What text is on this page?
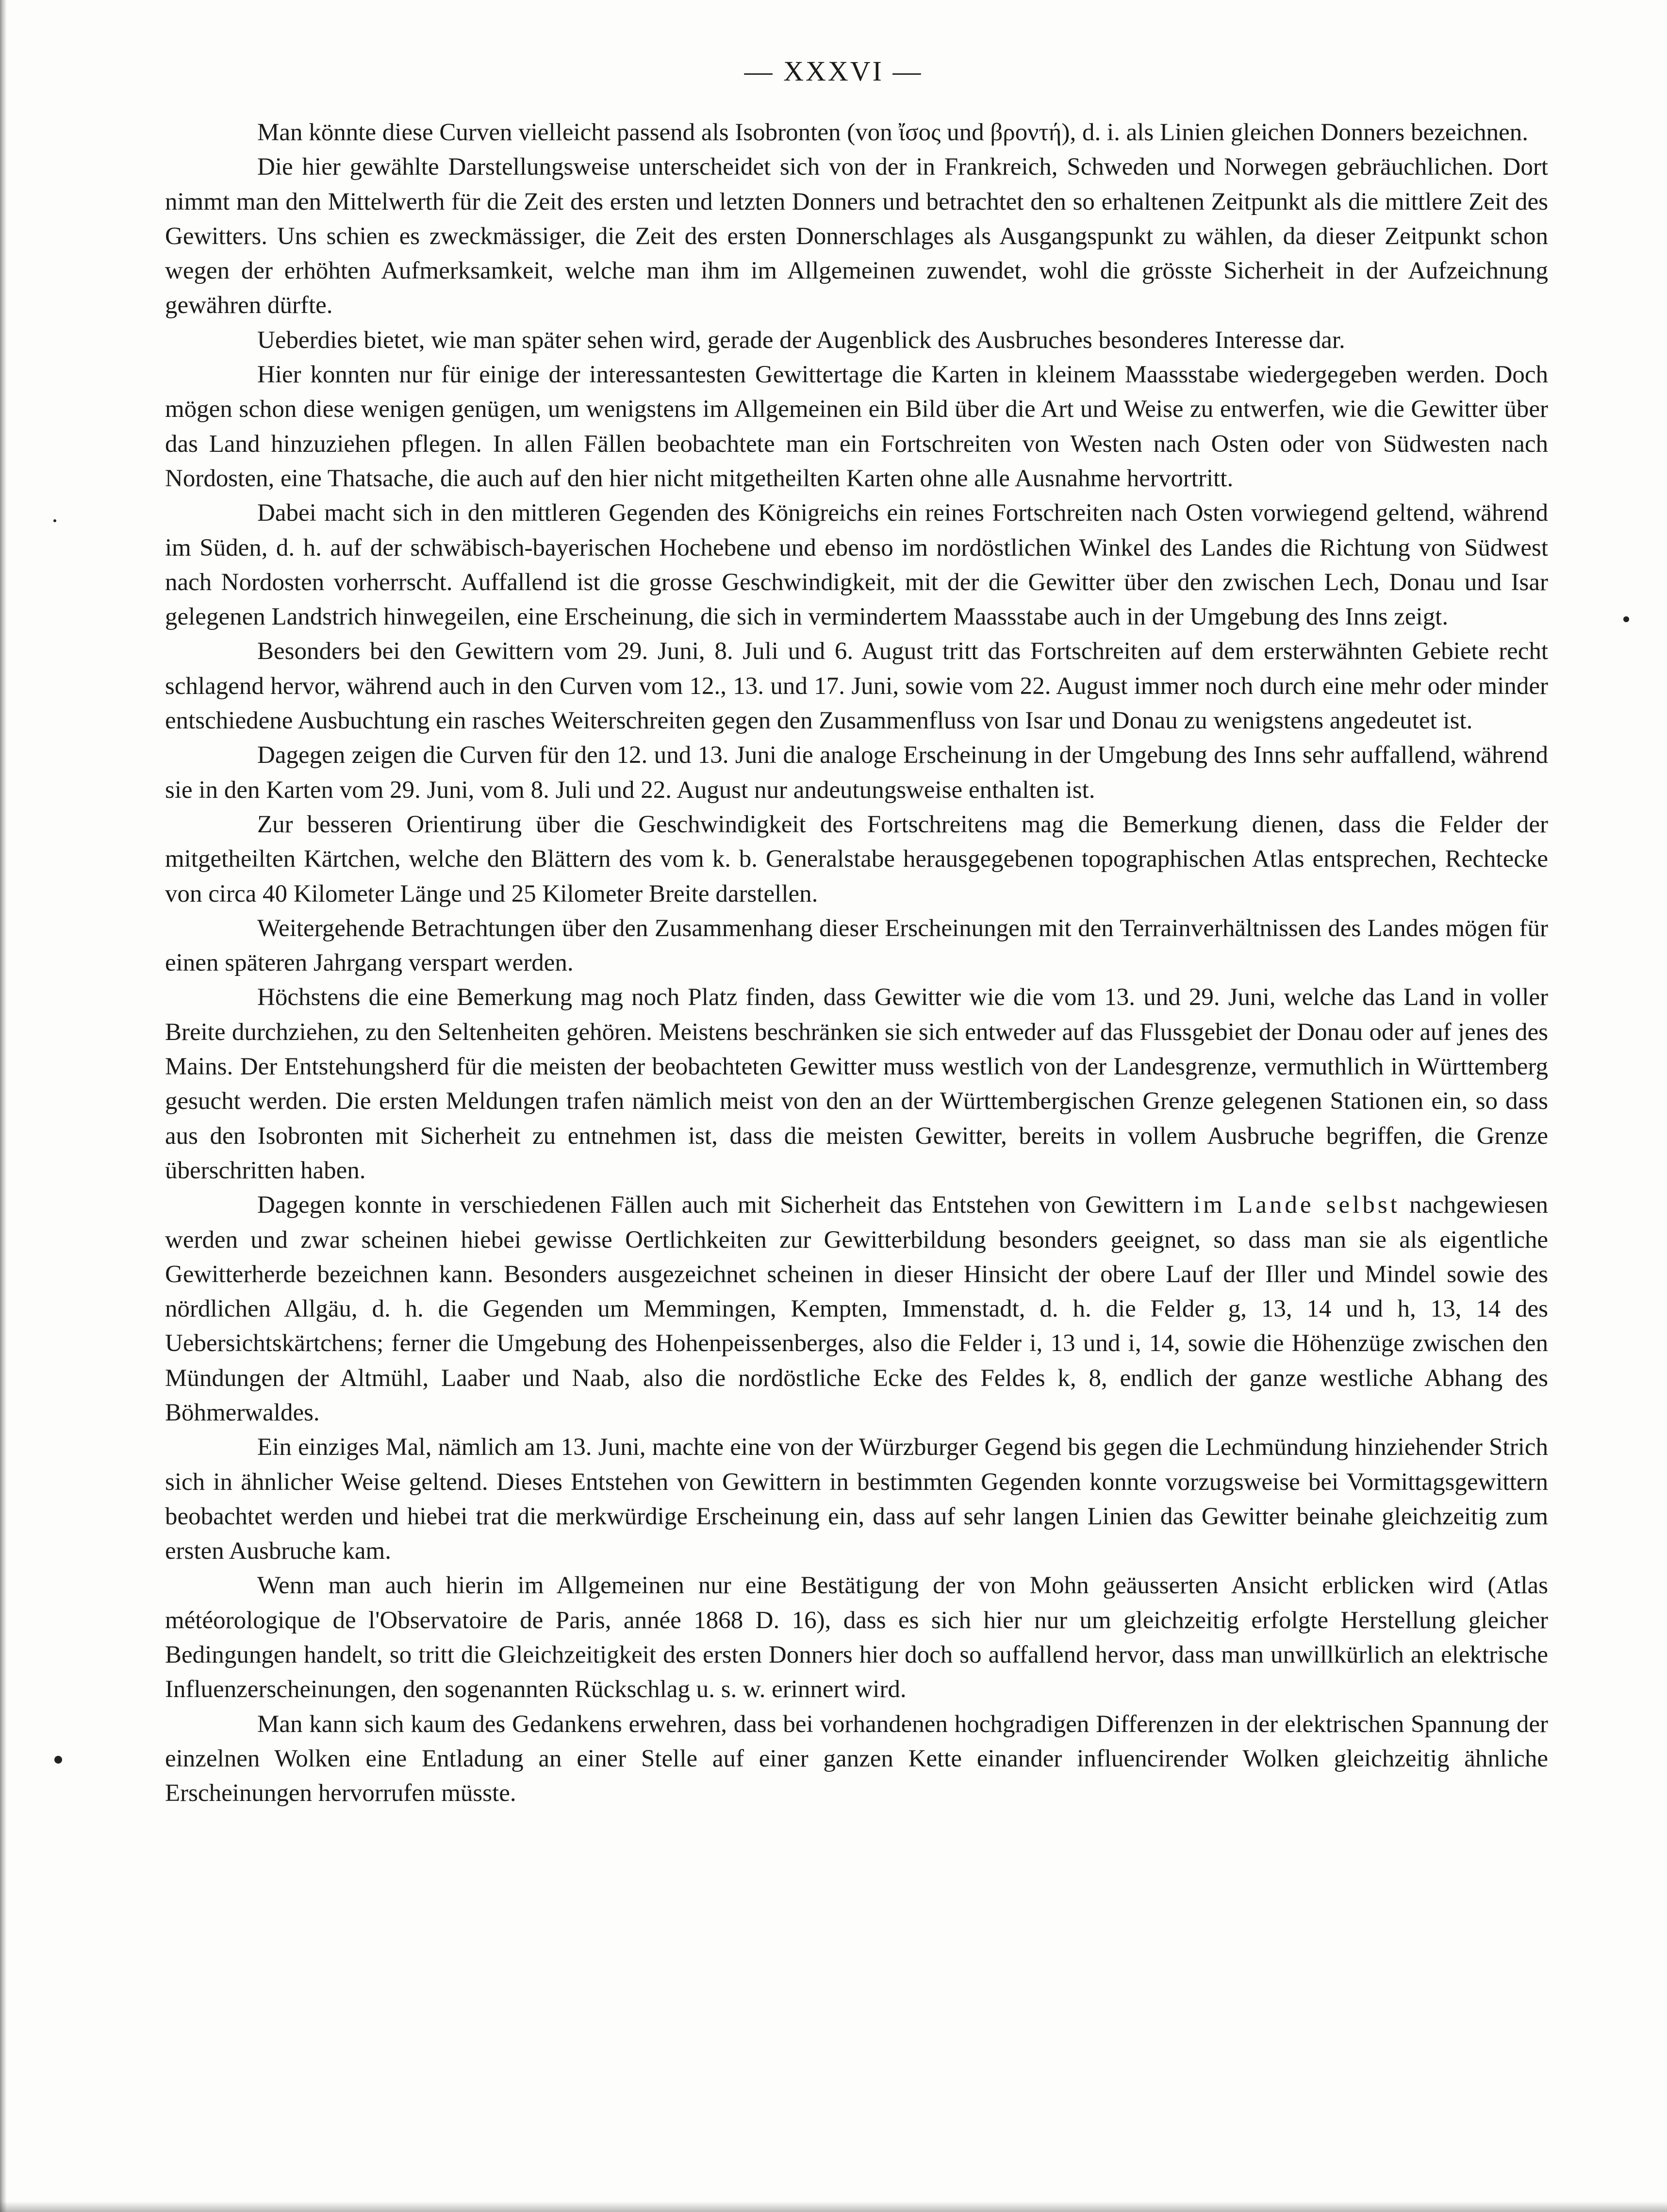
— XXXVI —

Man könnte diese Curven vielleicht passend als Isobronten (von ἴσος und βροντή), d. i. als Linien gleichen Donners bezeichnen.

Die hier gewählte Darstellungsweise unterscheidet sich von der in Frankreich, Schweden und Norwegen gebräuchlichen. Dort nimmt man den Mittelwerth für die Zeit des ersten und letzten Donners und betrachtet den so erhaltenen Zeitpunkt als die mittlere Zeit des Gewitters. Uns schien es zweckmässiger, die Zeit des ersten Donnerschlages als Ausgangspunkt zu wählen, da dieser Zeitpunkt schon wegen der erhöhten Aufmerksamkeit, welche man ihm im Allgemeinen zuwendet, wohl die grösste Sicherheit in der Aufzeichnung gewähren dürfte.

Ueberdies bietet, wie man später sehen wird, gerade der Augenblick des Ausbruches besonderes Interesse dar.

Hier konnten nur für einige der interessantesten Gewittertage die Karten in kleinem Maassstabe wiedergegeben werden. Doch mögen schon diese wenigen genügen, um wenigstens im Allgemeinen ein Bild über die Art und Weise zu entwerfen, wie die Gewitter über das Land hinzuziehen pflegen. In allen Fällen beobachtete man ein Fortschreiten von Westen nach Osten oder von Südwesten nach Nordosten, eine Thatsache, die auch auf den hier nicht mitgetheilten Karten ohne alle Ausnahme hervortritt.

Dabei macht sich in den mittleren Gegenden des Königreichs ein reines Fortschreiten nach Osten vorwiegend geltend, während im Süden, d. h. auf der schwäbisch-bayerischen Hochebene und ebenso im nordöstlichen Winkel des Landes die Richtung von Südwest nach Nordosten vorherrscht. Auffallend ist die grosse Geschwindigkeit, mit der die Gewitter über den zwischen Lech, Donau und Isar gelegenen Landstrich hinwegeilen, eine Erscheinung, die sich in vermindertem Maassstabe auch in der Umgebung des Inns zeigt.

Besonders bei den Gewittern vom 29. Juni, 8. Juli und 6. August tritt das Fortschreiten auf dem ersterwähnten Gebiete recht schlagend hervor, während auch in den Curven vom 12., 13. und 17. Juni, sowie vom 22. August immer noch durch eine mehr oder minder entschiedene Ausbuchtung ein rasches Weiterschreiten gegen den Zusammenfluss von Isar und Donau zu wenigstens angedeutet ist.

Dagegen zeigen die Curven für den 12. und 13. Juni die analoge Erscheinung in der Umgebung des Inns sehr auffallend, während sie in den Karten vom 29. Juni, vom 8. Juli und 22. August nur andeutungsweise enthalten ist.

Zur besseren Orientirung über die Geschwindigkeit des Fortschreitens mag die Bemerkung dienen, dass die Felder der mitgetheilten Kärtchen, welche den Blättern des vom k. b. Generalstabe herausgegebenen topographischen Atlas entsprechen, Rechtecke von circa 40 Kilometer Länge und 25 Kilometer Breite darstellen.

Weitergehende Betrachtungen über den Zusammenhang dieser Erscheinungen mit den Terrainverhältnissen des Landes mögen für einen späteren Jahrgang verspart werden.

Höchstens die eine Bemerkung mag noch Platz finden, dass Gewitter wie die vom 13. und 29. Juni, welche das Land in voller Breite durchziehen, zu den Seltenheiten gehören. Meistens beschränken sie sich entweder auf das Flussgebiet der Donau oder auf jenes des Mains. Der Entstehungsherd für die meisten der beobachteten Gewitter muss westlich von der Landesgrenze, vermuthlich in Württemberg gesucht werden. Die ersten Meldungen trafen nämlich meist von den an der Württembergischen Grenze gelegenen Stationen ein, so dass aus den Isobronten mit Sicherheit zu entnehmen ist, dass die meisten Gewitter, bereits in vollem Ausbruche begriffen, die Grenze überschritten haben.

Dagegen konnte in verschiedenen Fällen auch mit Sicherheit das Entstehen von Gewittern im Lande selbst nachgewiesen werden und zwar scheinen hiebei gewisse Oertlichkeiten zur Gewitterbildung besonders geeignet, so dass man sie als eigentliche Gewitterherde bezeichnen kann. Besonders ausgezeichnet scheinen in dieser Hinsicht der obere Lauf der Iller und Mindel sowie des nördlichen Allgäu, d. h. die Gegenden um Memmingen, Kempten, Immenstadt, d. h. die Felder g, 13, 14 und h, 13, 14 des Uebersichtskärtchens; ferner die Umgebung des Hohenpeissenberges, also die Felder i, 13 und i, 14, sowie die Höhenzüge zwischen den Mündungen der Altmühl, Laaber und Naab, also die nordöstliche Ecke des Feldes k, 8, endlich der ganze westliche Abhang des Böhmerwaldes.

Ein einziges Mal, nämlich am 13. Juni, machte eine von der Würzburger Gegend bis gegen die Lechmündung hinziehender Strich sich in ähnlicher Weise geltend. Dieses Entstehen von Gewittern in bestimmten Gegenden konnte vorzugsweise bei Vormittagsgewittern beobachtet werden und hiebei trat die merkwürdige Erscheinung ein, dass auf sehr langen Linien das Gewitter beinahe gleichzeitig zum ersten Ausbruche kam.

Wenn man auch hierin im Allgemeinen nur eine Bestätigung der von Mohn geäusserten Ansicht erblicken wird (Atlas météorologique de l'Observatoire de Paris, année 1868 D. 16), dass es sich hier nur um gleichzeitig erfolgte Herstellung gleicher Bedingungen handelt, so tritt die Gleichzeitigkeit des ersten Donners hier doch so auffallend hervor, dass man unwillkürlich an elektrische Influenzerscheinungen, den sogenannten Rückschlag u. s. w. erinnert wird.

Man kann sich kaum des Gedankens erwehren, dass bei vorhandenen hochgradigen Differenzen in der elektrischen Spannung der einzelnen Wolken eine Entladung an einer Stelle auf einer ganzen Kette einander influencirender Wolken gleichzeitig ähnliche Erscheinungen hervorrufen müsste.
